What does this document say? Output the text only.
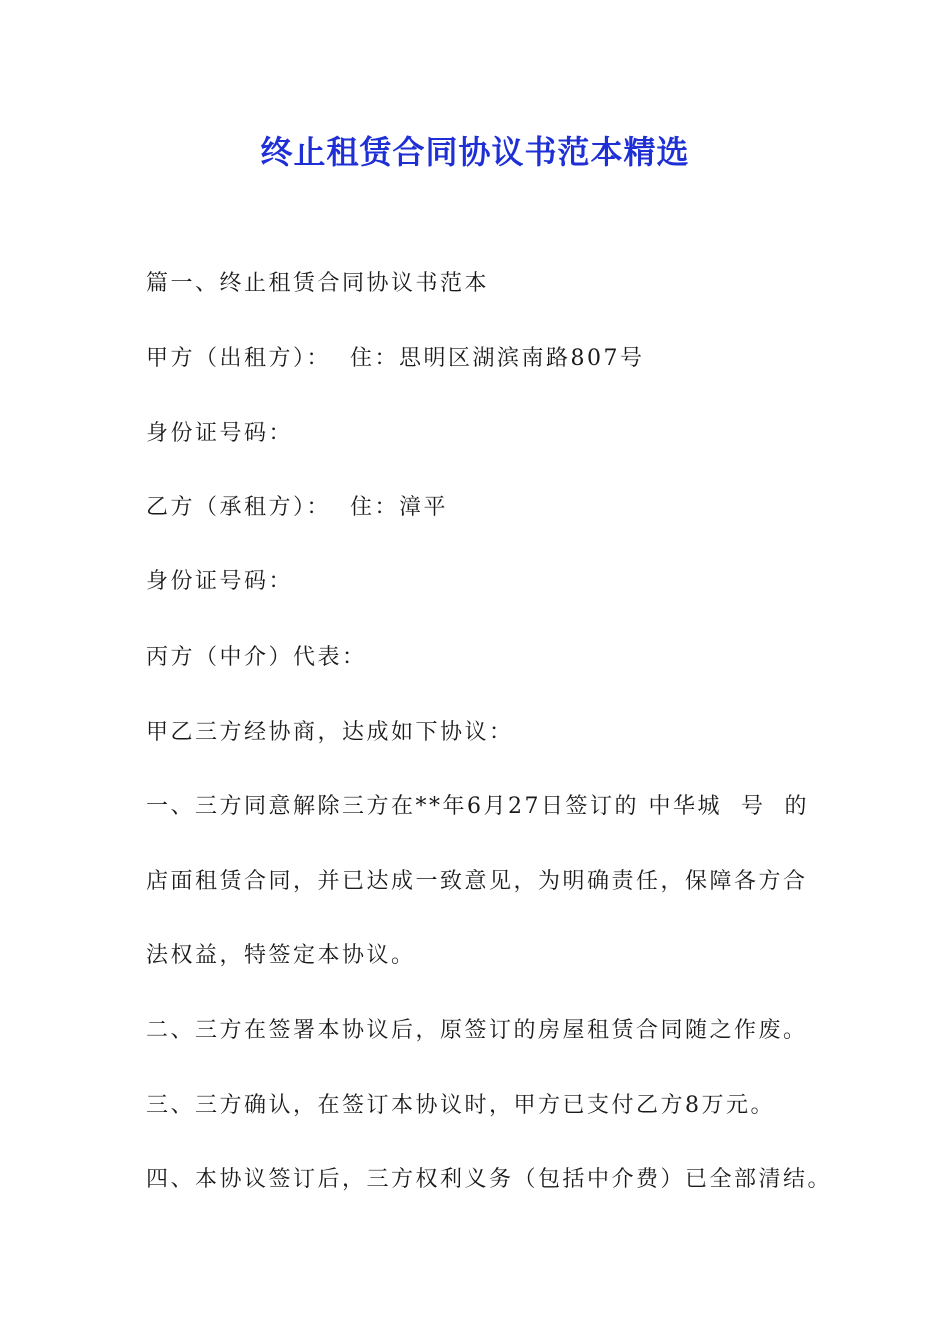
终止租赁合同协议书范本精选
篇一、终止租赁合同协议书范本
甲方（出租方）：  住：思明区湖滨南路807号
身份证号码：
乙方（承租方）：  住：漳平
身份证号码：
丙方（中介）代表：
甲乙三方经协商，达成如下协议：
一、三方同意解除三方在**年6月27日签订的 中华城  号  的
店面租赁合同，并已达成一致意见，为明确责任，保障各方合
法权益，特签定本协议。
二、三方在签署本协议后，原签订的房屋租赁合同随之作废。
三、三方确认，在签订本协议时，甲方已支付乙方8万元。
四、本协议签订后，三方权利义务（包括中介费）已全部清结。
